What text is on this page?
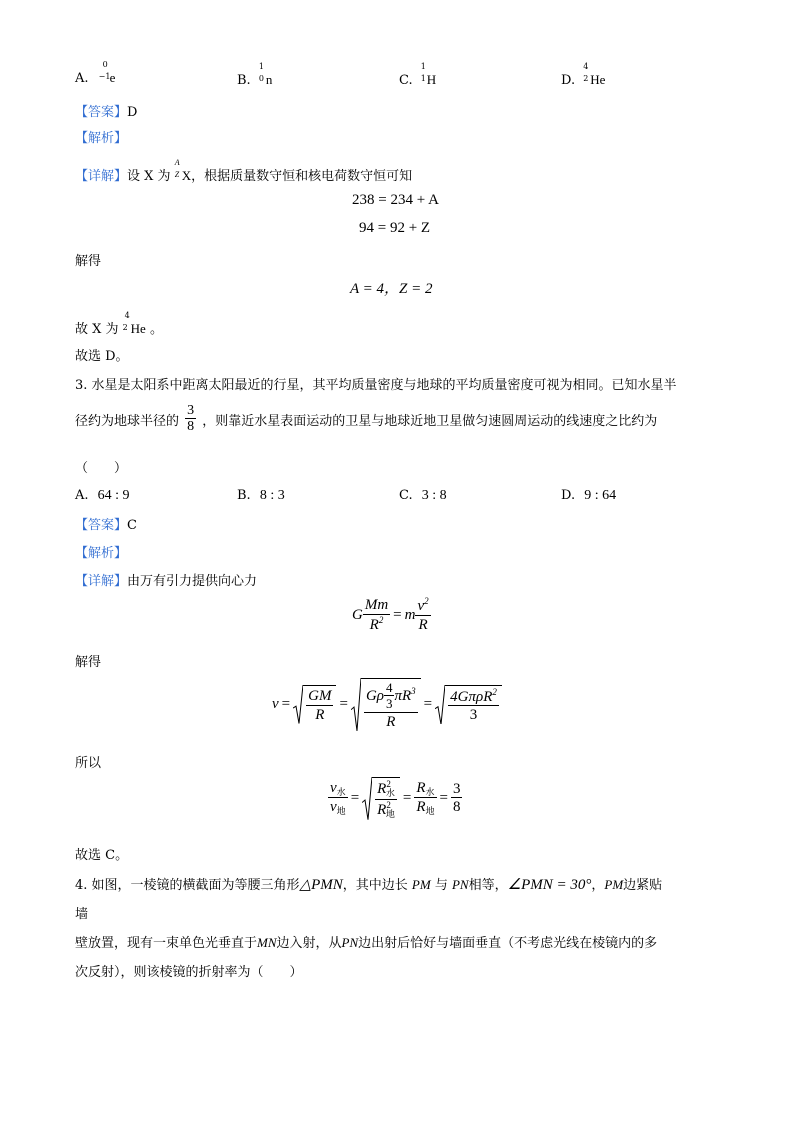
A.
0
−1 e	B.
1
0 n	C.
1
1 H	D.
4
2 He
【答案】D
【解析】
【详解】设 X 为
A
Z X，根据质量数守恒和核电荷数守恒可知
238 = 234 + A
94 = 92 + Z
解得
A = 4，Z = 2
故 X 为
4
2 He 。
故选 D。
3. 水星是太阳系中距离太阳最近的行星，其平均质量密度与地球的平均质量密度可视为相同。已知水星半
径约为地球半径的 $\frac{3}{8}$ ，则靠近水星表面运动的卫星与地球近地卫星做匀速圆周运动的线速度之比约为
（　　）
A. 64 : 9	B. 8 : 3	C. 3 : 8	D. 9 : 64
【答案】C
【解析】
【详解】由万有引力提供向心力
G $\frac{Mm}{R^2} = m \frac{v^2}{R}$
解得
$v = \frac{GM}{R} = \frac{G\rho \frac{4}{3} \pi R^3}{R} = \frac{4G\pi\rho R^2}{3}$
所以
$\frac{v_水}{v_地} = \frac{R^2_水}{R^2_地} = \frac{R_水}{R_地} = \frac{3}{8}$
故选 C。
4. 如图，一棱镜的横截面为等腰三角形△PMN，其中边长 PM 与 PN相等，∠PMN = 30°，PM边紧贴
墙
壁放置，现有一束单色光垂直于MN边入射，从PN边出射后恰好与墙面垂直（不考虑光线在棱镜内的多
次反射），则该棱镜的折射率为（　　）
